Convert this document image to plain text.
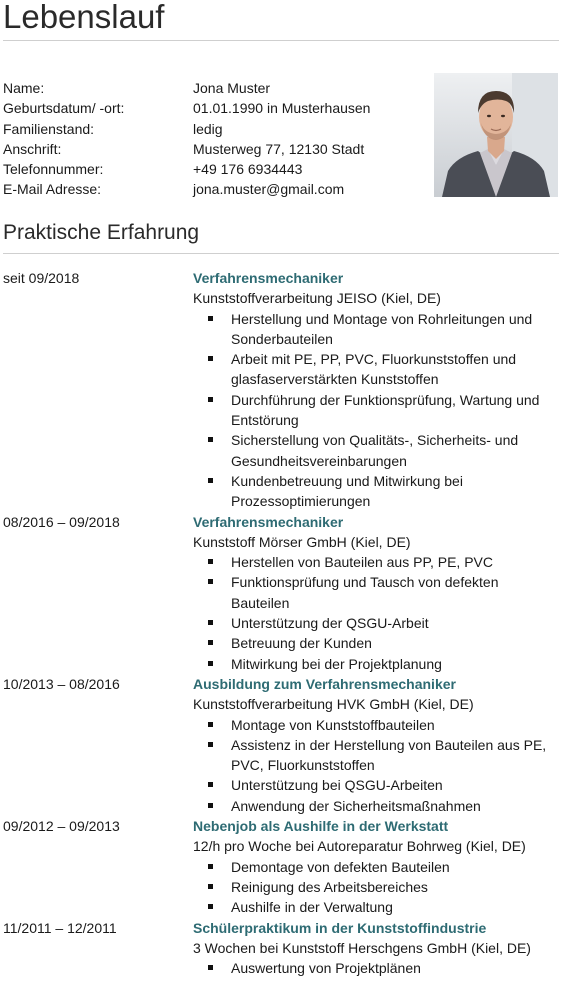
Lebenslauf
Name:	Jona Muster
Geburtsdatum/ -ort:	01.01.1990 in Musterhausen
Familienstand:	ledig
Anschrift:	Musterweg 77, 12130 Stadt
Telefonnummer:	+49 176 6934443
E-Mail Adresse:	jona.muster@gmail.com
Praktische Erfahrung
seit 09/2018	Verfahrensmechaniker
Kunststoffverarbeitung JEISO (Kiel, DE)
Herstellung und Montage von Rohrleitungen und Sonderbauteilen
Arbeit mit PE, PP, PVC, Fluorkunststoffen und glasfaserverstärkten Kunststoffen
Durchführung der Funktionsprüfung, Wartung und Entstörung
Sicherstellung von Qualitäts-, Sicherheits- und Gesundheitsvereinbarungen
Kundenbetreuung und Mitwirkung bei Prozessoptimierungen
08/2016 – 09/2018	Verfahrensmechaniker
Kunststoff Mörser GmbH (Kiel, DE)
Herstellen von Bauteilen aus PP, PE, PVC
Funktionsprüfung und Tausch von defekten Bauteilen
Unterstützung der QSGU-Arbeit
Betreuung der Kunden
Mitwirkung bei der Projektplanung
10/2013 – 08/2016	Ausbildung zum Verfahrensmechaniker
Kunststoffverarbeitung HVK GmbH (Kiel, DE)
Montage von Kunststoffbauteilen
Assistenz in der Herstellung von Bauteilen aus PE, PVC, Fluorkunststoffen
Unterstützung bei QSGU-Arbeiten
Anwendung der Sicherheitsmaßnahmen
09/2012 – 09/2013	Nebenjob als Aushilfe in der Werkstatt
12/h pro Woche bei Autoreparatur Bohrweg (Kiel, DE)
Demontage von defekten Bauteilen
Reinigung des Arbeitsbereiches
Aushilfe in der Verwaltung
11/2011 – 12/2011	Schülerpraktikum in der Kunststoffindustrie
3 Wochen bei Kunststoff Herschgens GmbH (Kiel, DE)
Auswertung von Projektplänen
